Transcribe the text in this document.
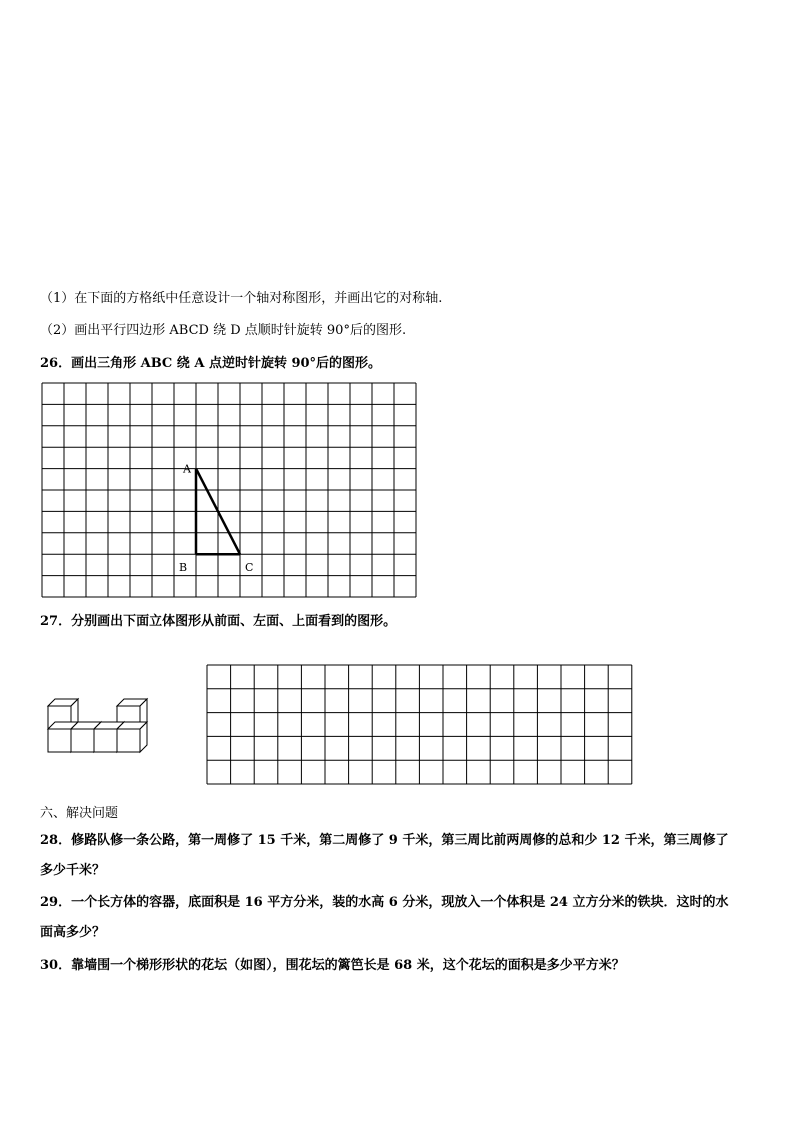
（1）在下面的方格纸中任意设计一个轴对称图形，并画出它的对称轴.
（2）画出平行四边形 ABCD 绕 D 点顺时针旋转 90°后的图形.
26．画出三角形 ABC 绕 A 点逆时针旋转 90°后的图形。
A
B	C
27．分别画出下面立体图形从前面、左面、上面看到的图形。
六、解决问题
28．修路队修一条公路，第一周修了 15 千米，第二周修了 9 千米，第三周比前两周修的总和少 12 千米，第三周修了
多少千米？
29．一个长方体的容器，底面积是 16 平方分米，装的水高 6 分米，现放入一个体积是 24 立方分米的铁块．这时的水
面高多少？
30．靠墙围一个梯形形状的花坛（如图），围花坛的篱笆长是 68 米，这个花坛的面积是多少平方米？
